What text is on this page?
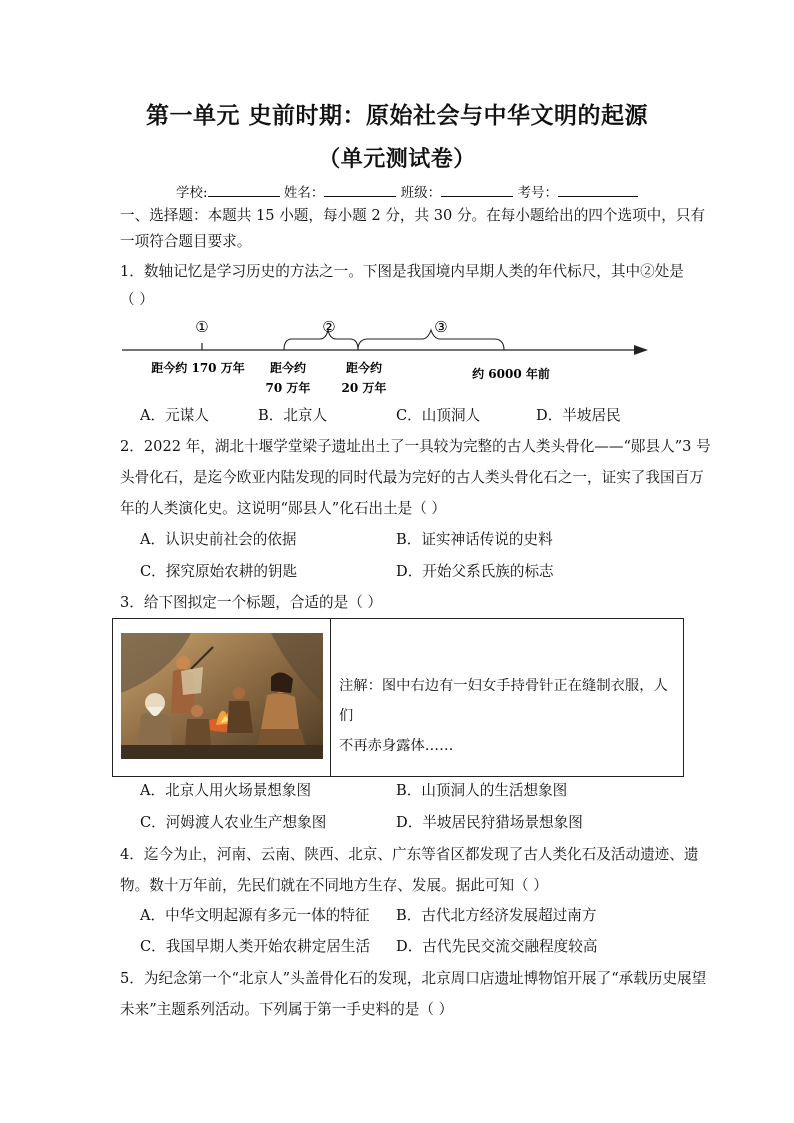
第一单元 史前时期：原始社会与中华文明的起源
（单元测试卷）
学校:	姓名：	班级：	考号：
一、选择题：本题共 15 小题，每小题 2 分，共 30 分。在每小题给出的四个选项中，只有
一项符合题目要求。
1．数轴记忆是学习历史的方法之一。下图是我国境内早期人类的年代标尺，其中②处是
（ ）
①	②	③
距今约 170 万年 距今约
70 万年
距今约
20 万年
约 6000 年前
A．元谋人	B．北京人	C．山顶洞人	D．半坡居民
2．2022 年，湖北十堰学堂梁子遗址出土了一具较为完整的古人类头骨化——“郧县人”3 号
头骨化石，是迄今欧亚内陆发现的同时代最为完好的古人类头骨化石之一，证实了我国百万
年的人类演化史。这说明“郧县人”化石出土是（ ）
A．认识史前社会的依据	B．证实神话传说的史料
C．探究原始农耕的钥匙	D．开始父系氏族的标志
3．给下图拟定一个标题，合适的是（ ）
注解：图中右边有一妇女手持骨针正在缝制衣服，人们
不再赤身露体……
A．北京人用火场景想象图	B．山顶洞人的生活想象图
C．河姆渡人农业生产想象图	D．半坡居民狩猎场景想象图
4．迄今为止，河南、云南、陕西、北京、广东等省区都发现了古人类化石及活动遗迹、遗
物。数十万年前，先民们就在不同地方生存、发展。据此可知（ ）
A．中华文明起源有多元一体的特征 B．古代北方经济发展超过南方
C．我国早期人类开始农耕定居生活 D．古代先民交流交融程度较高
5．为纪念第一个“北京人”头盖骨化石的发现，北京周口店遗址博物馆开展了“承载历史展望
未来”主题系列活动。下列属于第一手史料的是（ ）
